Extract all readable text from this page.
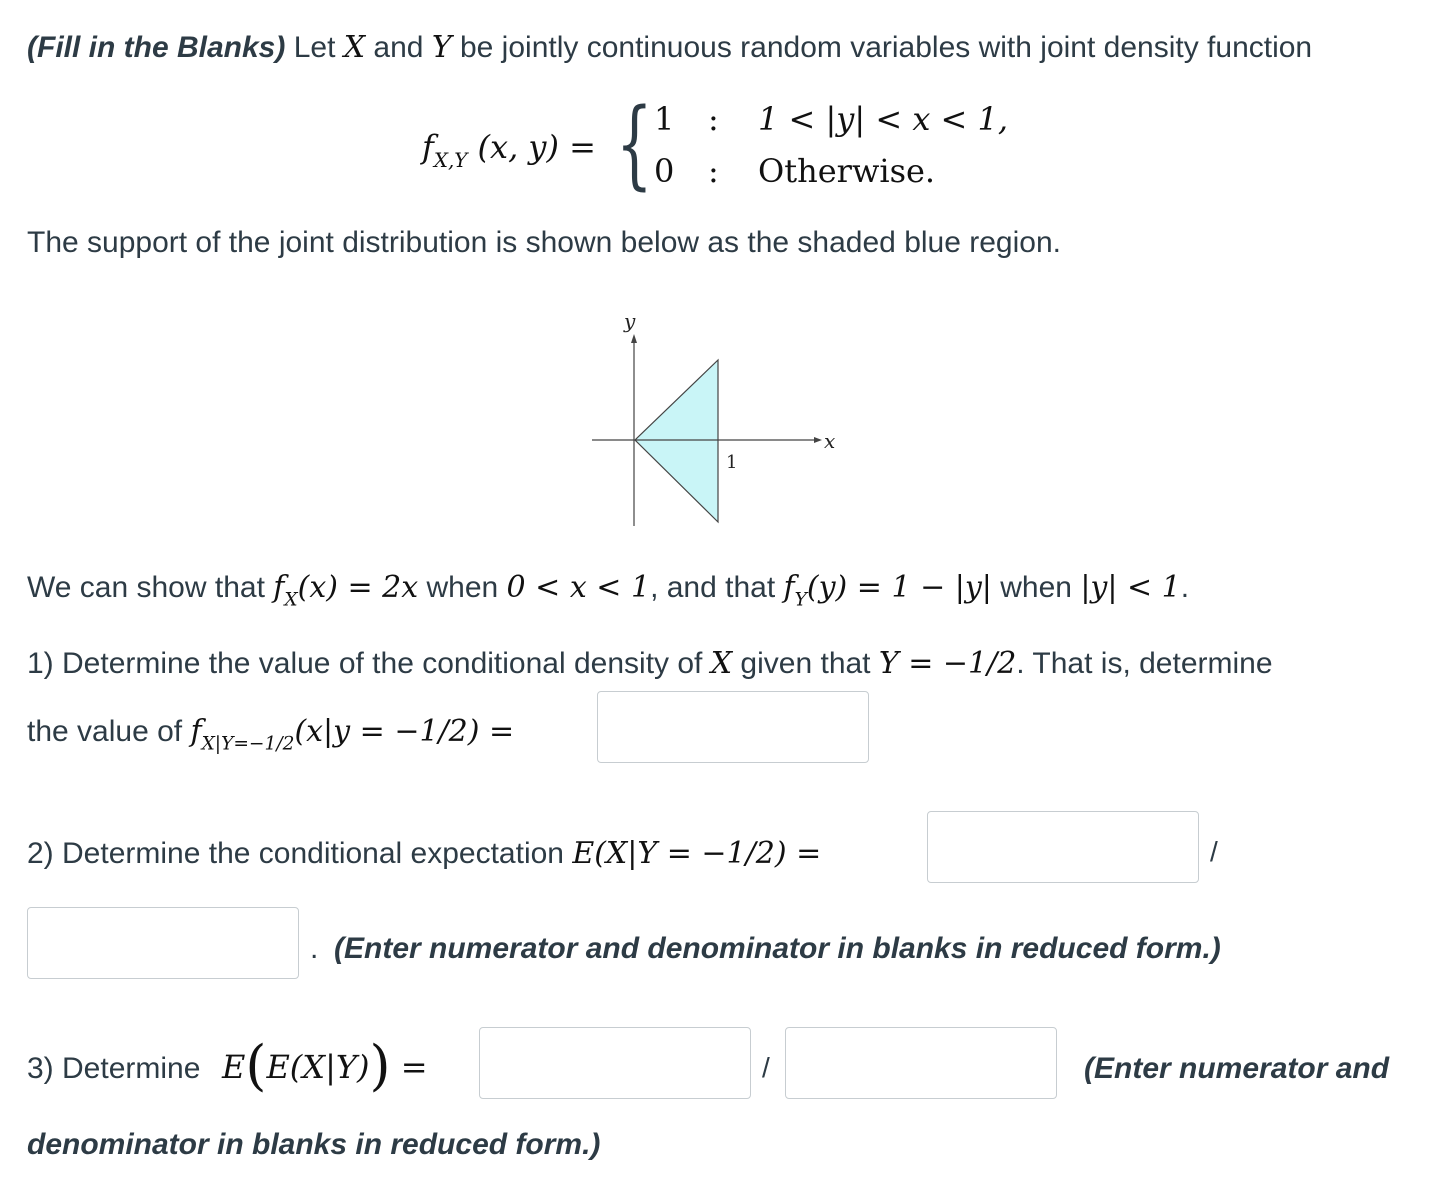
(Fill in the Blanks) Let X and Y be jointly continuous random variables with joint density function
$f_{X,Y}$ (x, y) = { 1 : 1 < |y| < x < 1,
0 : Otherwise.
The support of the joint distribution is shown below as the shaded blue region.
y
x
1
We can show that $f_X(x) = 2x$ when 0 < x < 1, and that $f_Y(y) = 1 - |y|$ when |y| < 1.
1) Determine the value of the conditional density of X given that Y = −1/2. That is, determine
the value of $f_{X|Y=-1/2}(x|y = -1/2)$ =
2) Determine the conditional expectation E(X|Y = −1/2) =	/
. (Enter numerator and denominator in blanks in reduced form.)
3) Determine E(E(X|Y)) =	/	(Enter numerator and
denominator in blanks in reduced form.)
